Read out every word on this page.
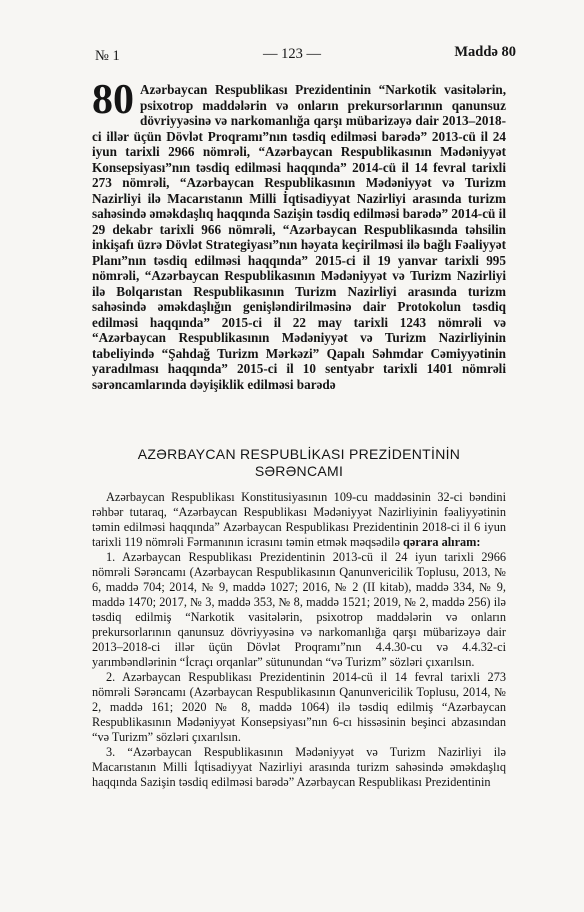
№ 1	— 123 —	Maddə 80
80 Azərbaycan Respublikası Prezidentinin “Narkotik vasitələrin, psixotrop maddələrin və onların prekursorlarının qanunsuz dövriyyəsinə və narkomanlığa qarşı mübarizəyə dair 2013–2018-ci illər üçün Dövlət Proqramı”nın təsdiq edilməsi barədə” 2013-cü il 24 iyun tarixli 2966 nömrəli, “Azərbaycan Respublikasının Mədəniyyət Konsepsiyası”nın təsdiq edilməsi haqqında” 2014-cü il 14 fevral tarixli 273 nömrəli, “Azərbaycan Respublikasının Mədəniyyət və Turizm Nazirliyi ilə Macarıstanın Milli İqtisadiyyat Nazirliyi arasında turizm sahəsində əməkdaşlıq haqqında Sazişin təsdiq edilməsi barədə” 2014-cü il 29 dekabr tarixli 966 nömrəli, “Azərbaycan Respublikasında təhsilin inkişafı üzrə Dövlət Strategiyası”nın həyata keçirilməsi ilə bağlı Fəaliyyət Planı”nın təsdiq edilməsi haqqında” 2015-ci il 19 yanvar tarixli 995 nömrəli, “Azərbaycan Respublikasının Mədəniyyət və Turizm Nazirliyi ilə Bolqarıstan Respublikasının Turizm Nazirliyi arasında turizm sahəsində əməkdaşlığın genişləndirilməsinə dair Protokolun təsdiq edilməsi haqqında” 2015-ci il 22 may tarixli 1243 nömrəli və “Azərbaycan Respublikasının Mədəniyyət və Turizm Nazirliyinin tabeliyində “Şahdağ Turizm Mərkəzi” Qapalı Səhmdar Cəmiyyətinin yaradılması haqqında” 2015-ci il 10 sentyabr tarixli 1401 nömrəli sərəncamlarında dəyişiklik edilməsi barədə
AZƏRBAYCAN RESPUBLİKASI PREZİDENTİNİN
SƏRƏNCAMI

Azərbaycan Respublikası Konstitusiyasının 109-cu maddəsinin 32-ci bəndini rəhbər tutaraq, “Azərbaycan Respublikası Mədəniyyət Nazirliyinin fəaliyyətinin təmin edilməsi haqqında” Azərbaycan Respublikası Prezidentinin 2018-ci il 6 iyun tarixli 119 nömrəli Fərmanının icrasını təmin etmək məqsədilə qərara alıram:

1. Azərbaycan Respublikası Prezidentinin 2013-cü il 24 iyun tarixli 2966 nömrəli Sərəncamı (Azərbaycan Respublikasının Qanunvericilik Toplusu, 2013, № 6, maddə 704; 2014, № 9, maddə 1027; 2016, № 2 (II kitab), maddə 334, № 9, maddə 1470; 2017, № 3, maddə 353, № 8, maddə 1521; 2019, № 2, maddə 256) ilə təsdiq edilmiş “Narkotik vasitələrin, psixotrop maddələrin və onların prekursorlarının qanunsuz dövriyyəsinə və narkomanlığa qarşı mübarizəyə dair 2013–2018-ci illər üçün Dövlət Proqramı”nın 4.4.30-cu və 4.4.32-ci yarımbəndlərinin “İcraçı orqanlar” sütunundan “və Turizm” sözləri çıxarılsın.

2. Azərbaycan Respublikası Prezidentinin 2014-cü il 14 fevral tarixli 273 nömrəli Sərəncamı (Azərbaycan Respublikasının Qanunvericilik Toplusu, 2014, № 2, maddə 161; 2020 № 8, maddə 1064) ilə təsdiq edilmiş “Azərbaycan Respublikasının Mədəniyyət Konsepsiyası”nın 6-cı hissəsinin beşinci abzasından “və Turizm” sözləri çıxarılsın.

3. “Azərbaycan Respublikasının Mədəniyyət və Turizm Nazirliyi ilə Macarıstanın Milli İqtisadiyyat Nazirliyi arasında turizm sahəsində əməkdaşlıq haqqında Sazişin təsdiq edilməsi barədə” Azərbaycan Respublikası Prezidentinin
